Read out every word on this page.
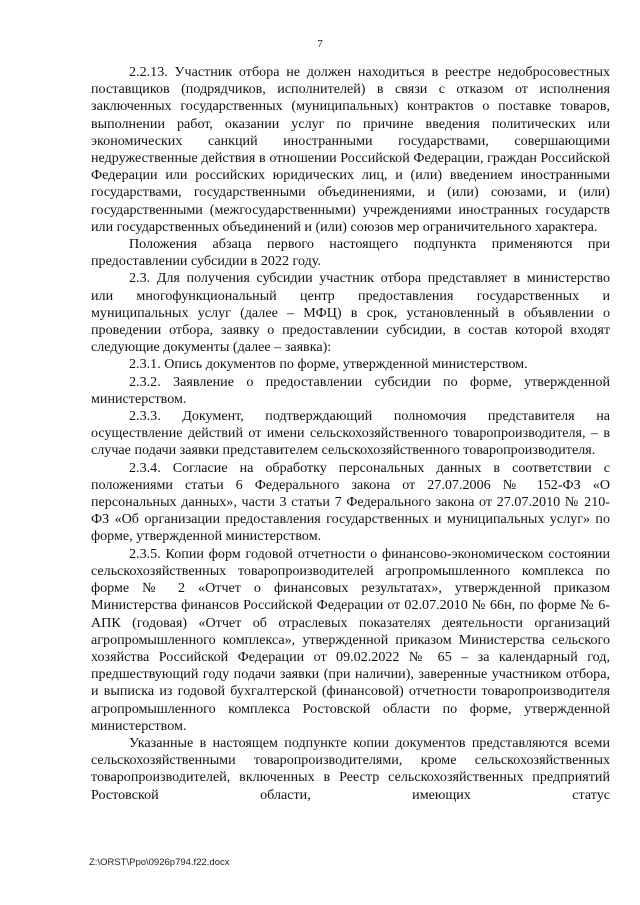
7

2.2.13. Участник отбора не должен находиться в реестре недобросовестных поставщиков (подрядчиков, исполнителей) в связи с отказом от исполнения заключенных государственных (муниципальных) контрактов о поставке товаров, выполнении работ, оказании услуг по причине введения политических или экономических санкций иностранными государствами, совершающими недружественные действия в отношении Российской Федерации, граждан Российской Федерации или российских юридических лиц, и (или) введением иностранными государствами, государственными объединениями, и (или) союзами, и (или) государственными (межгосударственными) учреждениями иностранных государств или государственных объединений и (или) союзов мер ограничительного характера.

Положения абзаца первого настоящего подпункта применяются при предоставлении субсидии в 2022 году.

2.3. Для получения субсидии участник отбора представляет в министерство или многофункциональный центр предоставления государственных и муниципальных услуг (далее – МФЦ) в срок, установленный в объявлении о проведении отбора, заявку о предоставлении субсидии, в состав которой входят следующие документы (далее – заявка):

2.3.1. Опись документов по форме, утвержденной министерством.

2.3.2. Заявление о предоставлении субсидии по форме, утвержденной министерством.

2.3.3. Документ, подтверждающий полномочия представителя на осуществление действий от имени сельскохозяйственного товаропроизводителя, – в случае подачи заявки представителем сельскохозяйственного товаропроизводителя.

2.3.4. Согласие на обработку персональных данных в соответствии с положениями статьи 6 Федерального закона от 27.07.2006 № 152-ФЗ «О персональных данных», части 3 статьи 7 Федерального закона от 27.07.2010 № 210-ФЗ «Об организации предоставления государственных и муниципальных услуг» по форме, утвержденной министерством.

2.3.5. Копии форм годовой отчетности о финансово-экономическом состоянии сельскохозяйственных товаропроизводителей агропромышленного комплекса по форме № 2 «Отчет о финансовых результатах», утвержденной приказом Министерства финансов Российской Федерации от 02.07.2010 № 66н, по форме № 6-АПК (годовая) «Отчет об отраслевых показателях деятельности организаций агропромышленного комплекса», утвержденной приказом Министерства сельского хозяйства Российской Федерации от 09.02.2022 № 65 – за календарный год, предшествующий году подачи заявки (при наличии), заверенные участником отбора, и выписка из годовой бухгалтерской (финансовой) отчетности товаропроизводителя агропромышленного комплекса Ростовской области по форме, утвержденной министерством.

Указанные в настоящем подпункте копии документов представляются всеми сельскохозяйственными товаропроизводителями, кроме сельскохозяйственных товаропроизводителей, включенных в Реестр сельскохозяйственных предприятий Ростовской области, имеющих статус

Z:\ORST\Ppo\0926p794.f22.docx
